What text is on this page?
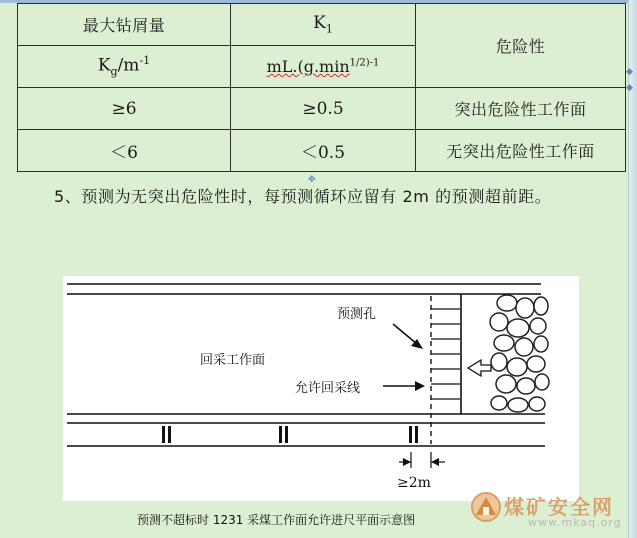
◆
◆
✥
最大钻屑量	$K_1$	危险性
$K_g/m^{-1}$	$mL.(g.\min^{1/2)-1}$
≥6	≥0.5	突出危险性工作面
＜6	＜0.5	无突出危险性工作面
5、预测为无突出危险性时，每预测循环应留有 2m 的预测超前距。
预测孔
回采工作面
允许回采线
≥2m
预测不超标时 1231 采煤工作面允许进尺平面示意图
煤矿安全网
www.mkaq.org
